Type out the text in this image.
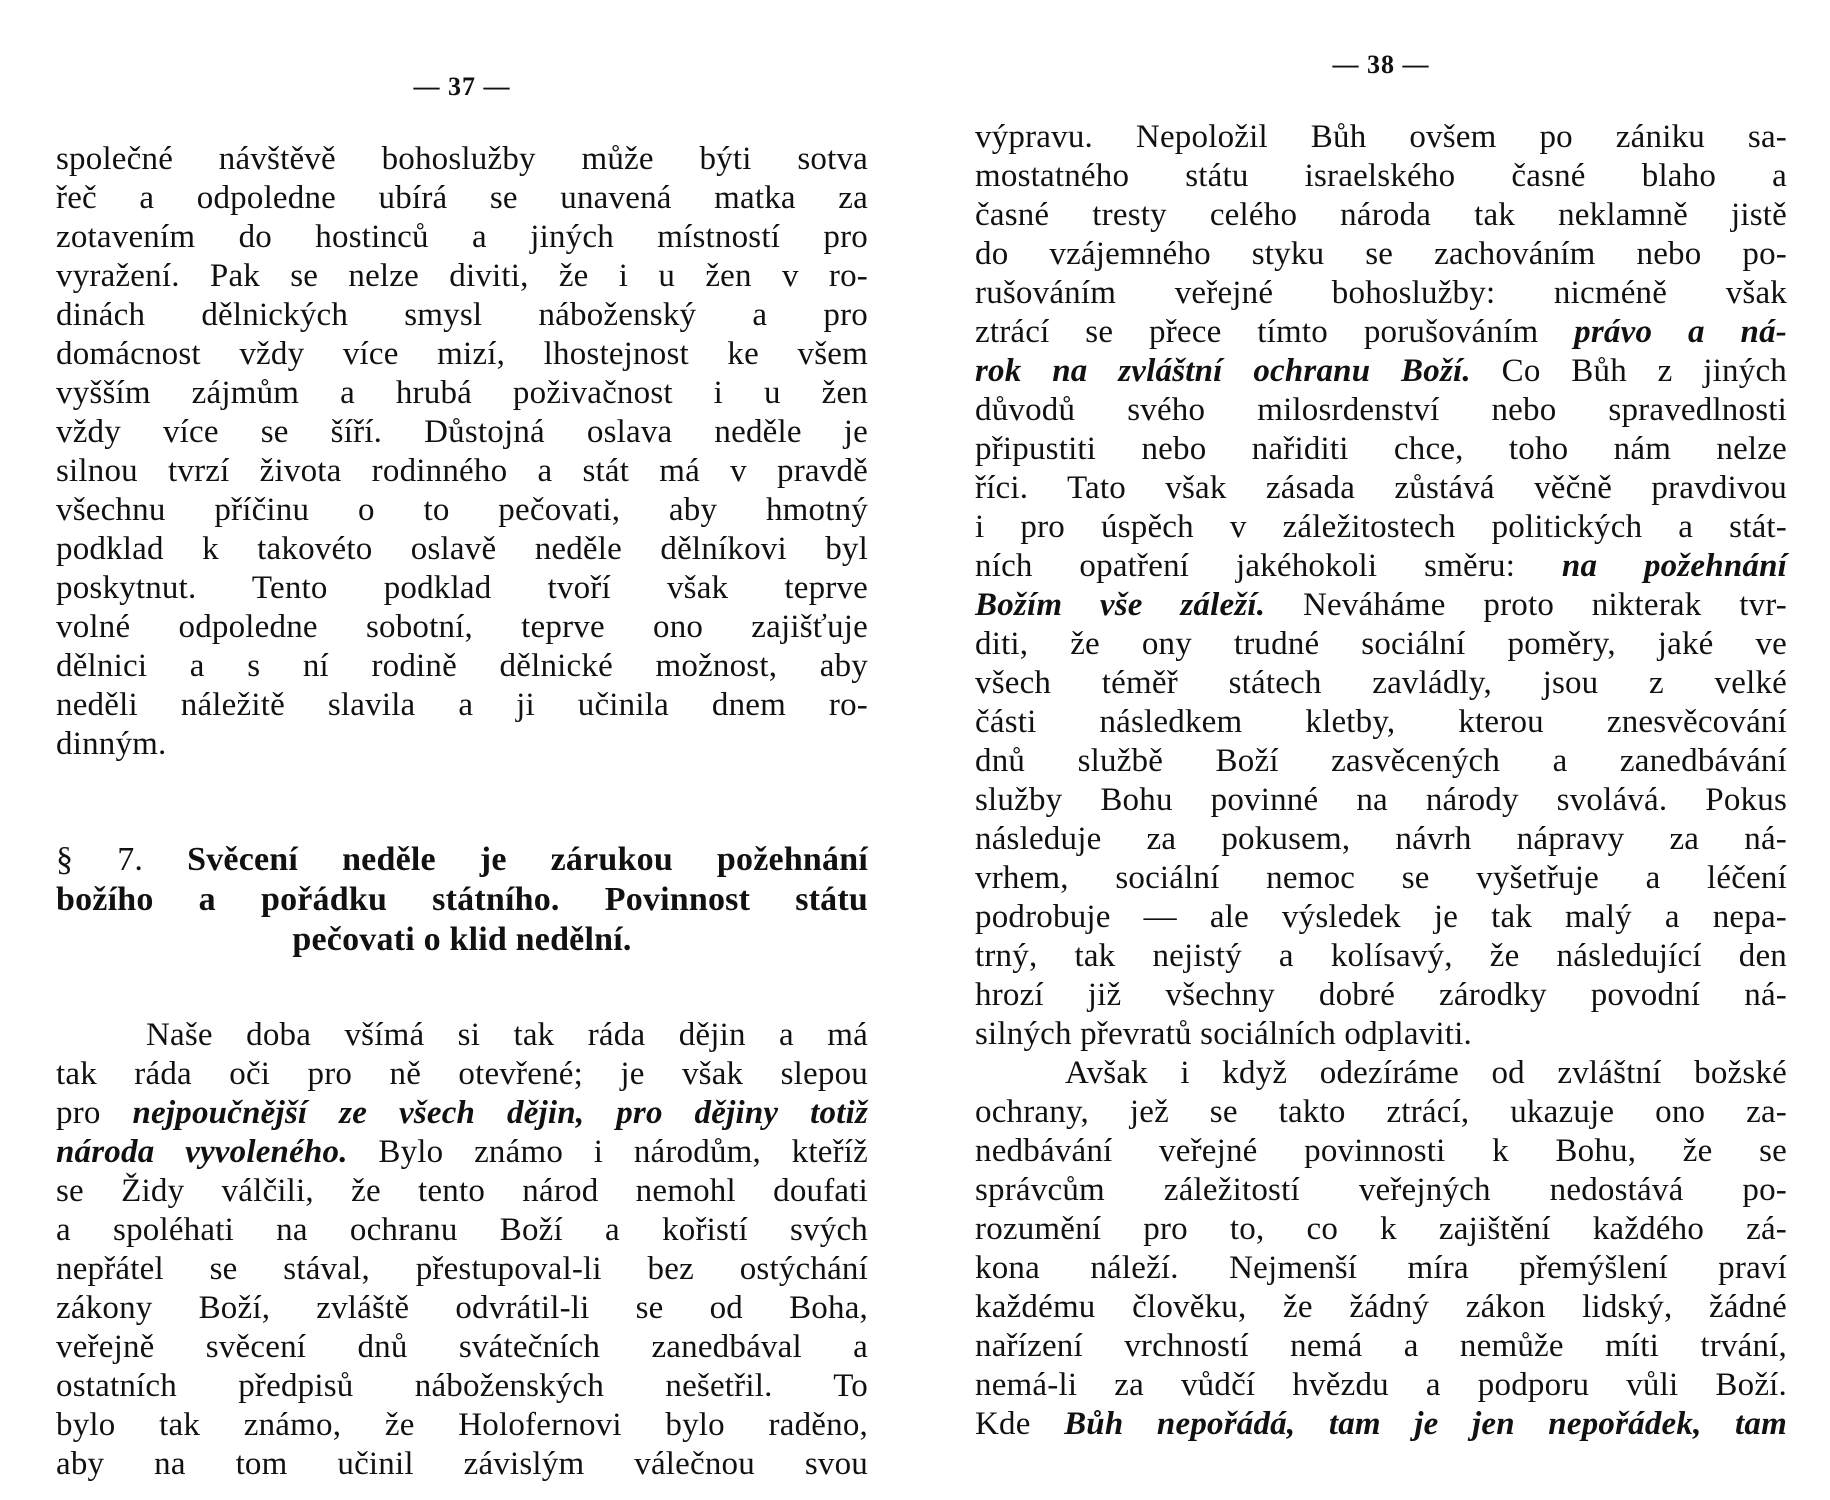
— 37 —
společné návštěvě bohoslužby může býti sotva
řeč a odpoledne ubírá se unavená matka za
zotavením do hostinců a jiných místností pro
vyražení. Pak se nelze diviti, že i u žen v ro-
dinách dělnických smysl náboženský a pro
domácnost vždy více mizí, lhostejnost ke všem
vyšším zájmům a hrubá poživačnost i u žen
vždy více se šíří. Důstojná oslava neděle je
silnou tvrzí života rodinného a stát má v pravdě
všechnu příčinu o to pečovati, aby hmotný
podklad k takovéto oslavě neděle dělníkovi byl
poskytnut. Tento podklad tvoří však teprve
volné odpoledne sobotní, teprve ono zajišťuje
dělnici a s ní rodině dělnické možnost, aby
neděli náležitě slavila a ji učinila dnem ro-
dinným.
§ 7. Svěcení neděle je zárukou požehnání
božího a pořádku státního. Povinnost státu
pečovati o klid nedělní.
Naše doba všímá si tak ráda dějin a má
tak ráda oči pro ně otevřené; je však slepou
pro nejpoučnější ze všech dějin, pro dějiny totiž
národa vyvoleného. Bylo známo i národům, kteříž
se Židy válčili, že tento národ nemohl doufati
a spoléhati na ochranu Boží a kořistí svých
nepřátel se stával, přestupoval-li bez ostýchání
zákony Boží, zvláště odvrátil-li se od Boha,
veřejně svěcení dnů svátečních zanedbával a
ostatních předpisů náboženských nešetřil. To
bylo tak známo, že Holofernovi bylo raděno,
aby na tom učinil závislým válečnou svou
— 38 —
výpravu. Nepoložil Bůh ovšem po zániku sa-
mostatného státu israelského časné blaho a
časné tresty celého národa tak neklamně jistě
do vzájemného styku se zachováním nebo po-
rušováním veřejné bohoslužby: nicméně však
ztrácí se přece tímto porušováním právo a ná-
rok na zvláštní ochranu Boží. Co Bůh z jiných
důvodů svého milosrdenství nebo spravedlnosti
připustiti nebo nařiditi chce, toho nám nelze
říci. Tato však zásada zůstává věčně pravdivou
i pro úspěch v záležitostech politických a stát-
ních opatření jakéhokoli směru: na požehnání
Božím vše záleží. Neváháme proto nikterak tvr-
diti, že ony trudné sociální poměry, jaké ve
všech téměř státech zavládly, jsou z velké
části následkem kletby, kterou znesvěcování
dnů službě Boží zasvěcených a zanedbávání
služby Bohu povinné na národy svolává. Pokus
následuje za pokusem, návrh nápravy za ná-
vrhem, sociální nemoc se vyšetřuje a léčení
podrobuje — ale výsledek je tak malý a nepa-
trný, tak nejistý a kolísavý, že následující den
hrozí již všechny dobré zárodky povodní ná-
silných převratů sociálních odplaviti.
Avšak i když odezíráme od zvláštní božské
ochrany, jež se takto ztrácí, ukazuje ono za-
nedbávání veřejné povinnosti k Bohu, že se
správcům záležitostí veřejných nedostává po-
rozumění pro to, co k zajištění každého zá-
kona náleží. Nejmenší míra přemýšlení praví
každému člověku, že žádný zákon lidský, žádné
nařízení vrchností nemá a nemůže míti trvání,
nemá-li za vůdčí hvězdu a podporu vůli Boží.
Kde Bůh nepořádá, tam je jen nepořádek, tam
